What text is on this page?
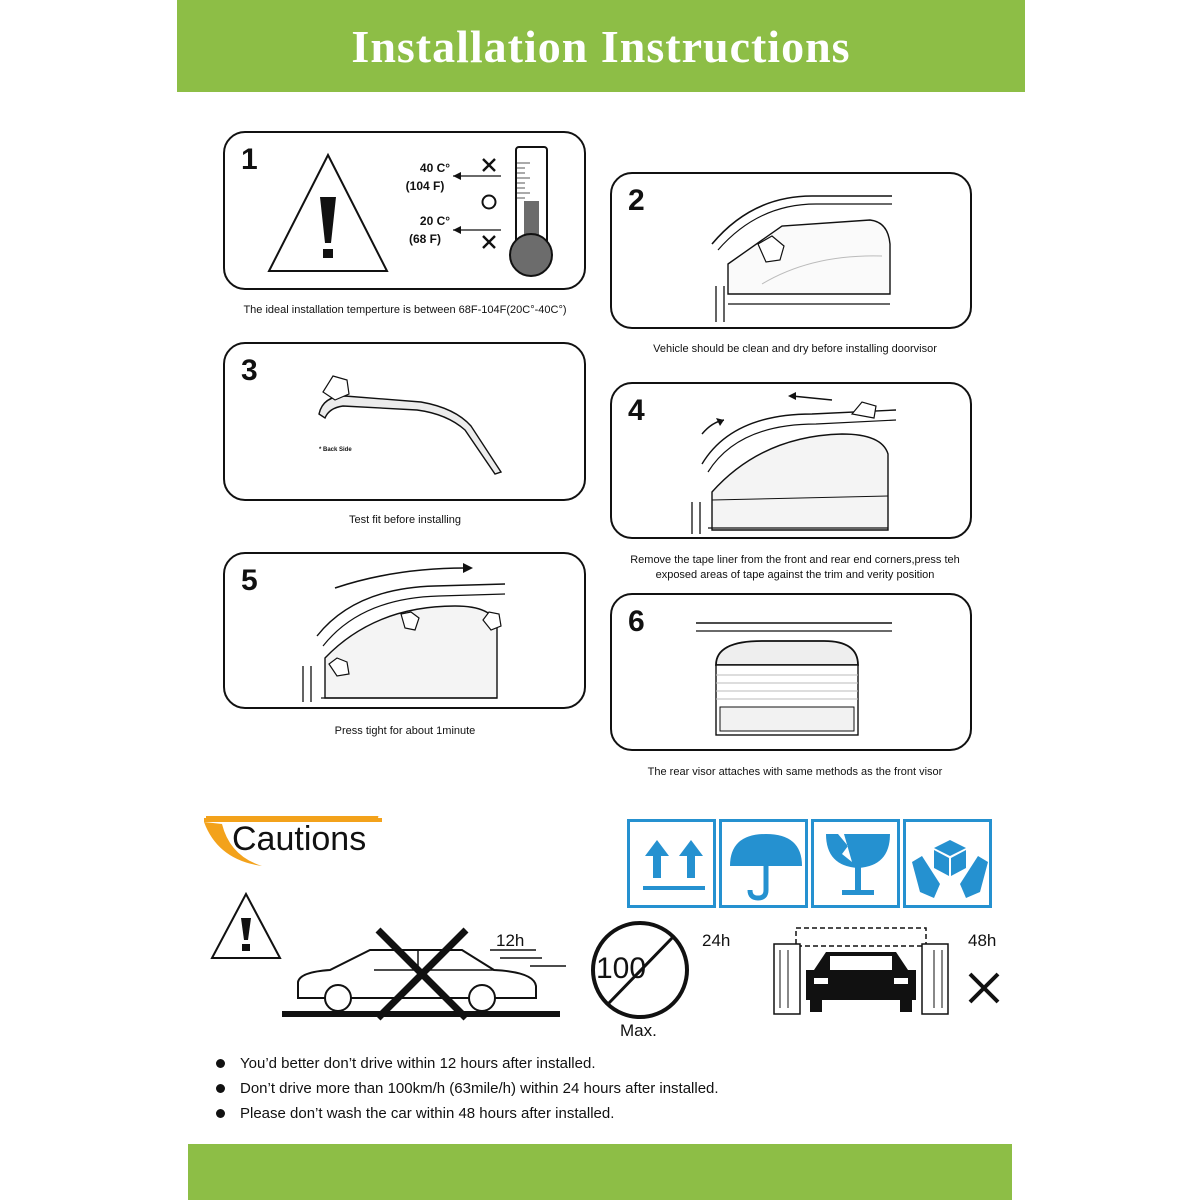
Installation Instructions
1	40 C°
(104 F)
20 C°
(68 F)
The ideal installation temperture is between 68F-104F(20C°-40C°)
2
Vehicle should be clean and dry before installing doorvisor
3
* Back Side
Test fit before installing
4
Remove the tape liner from the front and rear end corners,press teh
exposed areas of tape against the trim and verity position
5
Press tight for about 1minute
6
The rear visor attaches with same methods as the front visor
Cautions
12h
100
24h
Max.
48h
You’d better don’t drive within 12 hours after installed.
Don’t drive more than 100km/h (63mile/h) within 24 hours after installed.
Please don’t wash the car within 48 hours after installed.
